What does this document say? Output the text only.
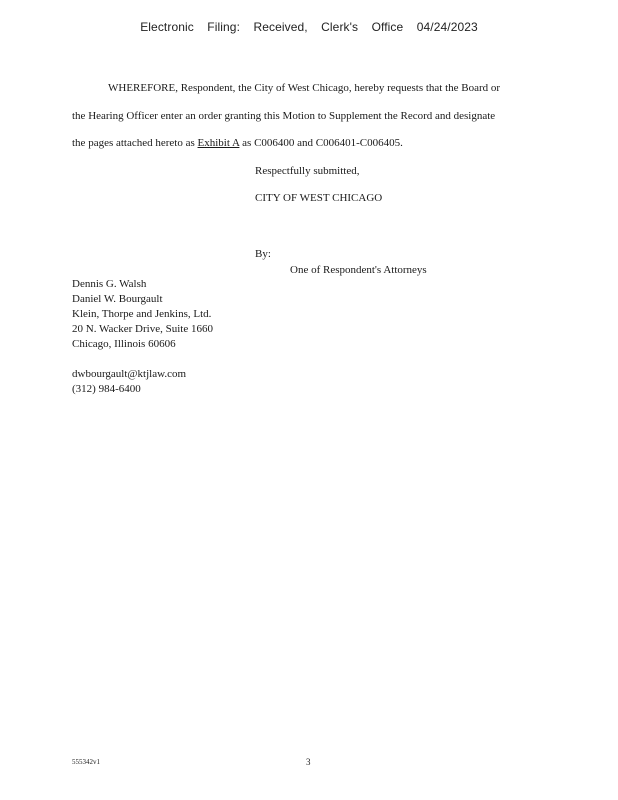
Electronic Filing: Received, Clerk's Office 04/24/2023
WHEREFORE, Respondent, the City of West Chicago, hereby requests that the Board or
the Hearing Officer enter an order granting this Motion to Supplement the Record and designate
the pages attached hereto as Exhibit A as C006400 and C006401-C006405.
Respectfully submitted,
CITY OF WEST CHICAGO
By:
One of Respondent's Attorneys
Dennis G. Walsh
Daniel W. Bourgault
Klein, Thorpe and Jenkins, Ltd.
20 N. Wacker Drive, Suite 1660
Chicago, Illinois 60606
dwbourgault@ktjlaw.com
(312) 984-6400
555342v1	3
